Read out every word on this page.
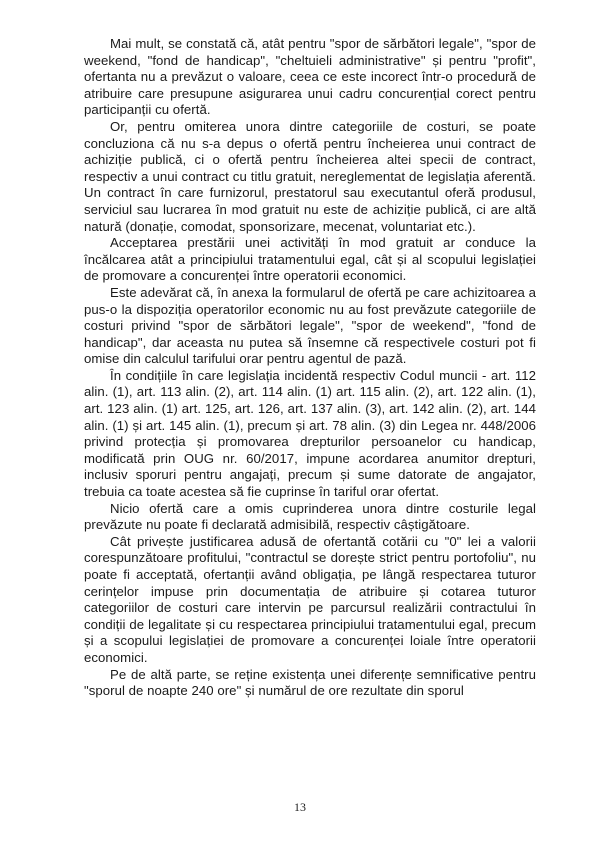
Mai mult, se constată că, atât pentru "spor de sărbători legale", "spor de weekend, "fond de handicap", "cheltuieli administrative" și pentru "profit", ofertanta nu a prevăzut o valoare, ceea ce este incorect într-o procedură de atribuire care presupune asigurarea unui cadru concurențial corect pentru participanții cu ofertă.

Or, pentru omiterea unora dintre categoriile de costuri, se poate concluziona că nu s-a depus o ofertă pentru încheierea unui contract de achiziție publică, ci o ofertă pentru încheierea altei specii de contract, respectiv a unui contract cu titlu gratuit, nereglementat de legislația aferentă. Un contract în care furnizorul, prestatorul sau executantul oferă produsul, serviciul sau lucrarea în mod gratuit nu este de achiziție publică, ci are altă natură (donație, comodat, sponsorizare, mecenat, voluntariat etc.).

Acceptarea prestării unei activități în mod gratuit ar conduce la încălcarea atât a principiului tratamentului egal, cât și al scopului legislației de promovare a concurenței între operatorii economici.

Este adevărat că, în anexa la formularul de ofertă pe care achizitoarea a pus-o la dispoziția operatorilor economic nu au fost prevăzute categoriile de costuri privind "spor de sărbători legale", "spor de weekend", "fond de handicap", dar aceasta nu putea să însemne că respectivele costuri pot fi omise din calculul tarifului orar pentru agentul de pază.

În condițiile în care legislația incidentă respectiv Codul muncii - art. 112 alin. (1), art. 113 alin. (2), art. 114 alin. (1) art. 115 alin. (2), art. 122 alin. (1), art. 123 alin. (1) art. 125, art. 126, art. 137 alin. (3), art. 142 alin. (2), art. 144 alin. (1) și art. 145 alin. (1), precum și art. 78 alin. (3) din Legea nr. 448/2006 privind protecția și promovarea drepturilor persoanelor cu handicap, modificată prin OUG nr. 60/2017, impune acordarea anumitor drepturi, inclusiv sporuri pentru angajați, precum și sume datorate de angajator, trebuia ca toate acestea să fie cuprinse în tariful orar ofertat.

Nicio ofertă care a omis cuprinderea unora dintre costurile legal prevăzute nu poate fi declarată admisibilă, respectiv câștigătoare.

Cât privește justificarea adusă de ofertantă cotării cu "0" lei a valorii corespunzătoare profitului, "contractul se dorește strict pentru portofoliu", nu poate fi acceptată, ofertanții având obligația, pe lângă respectarea tuturor cerințelor impuse prin documentația de atribuire și cotarea tuturor categoriilor de costuri care intervin pe parcursul realizării contractului în condiții de legalitate și cu respectarea principiului tratamentului egal, precum și a scopului legislației de promovare a concurenței loiale între operatorii economici.

Pe de altă parte, se reține existența unei diferențe semnificative pentru "sporul de noapte 240 ore" și numărul de ore rezultate din sporul

13
